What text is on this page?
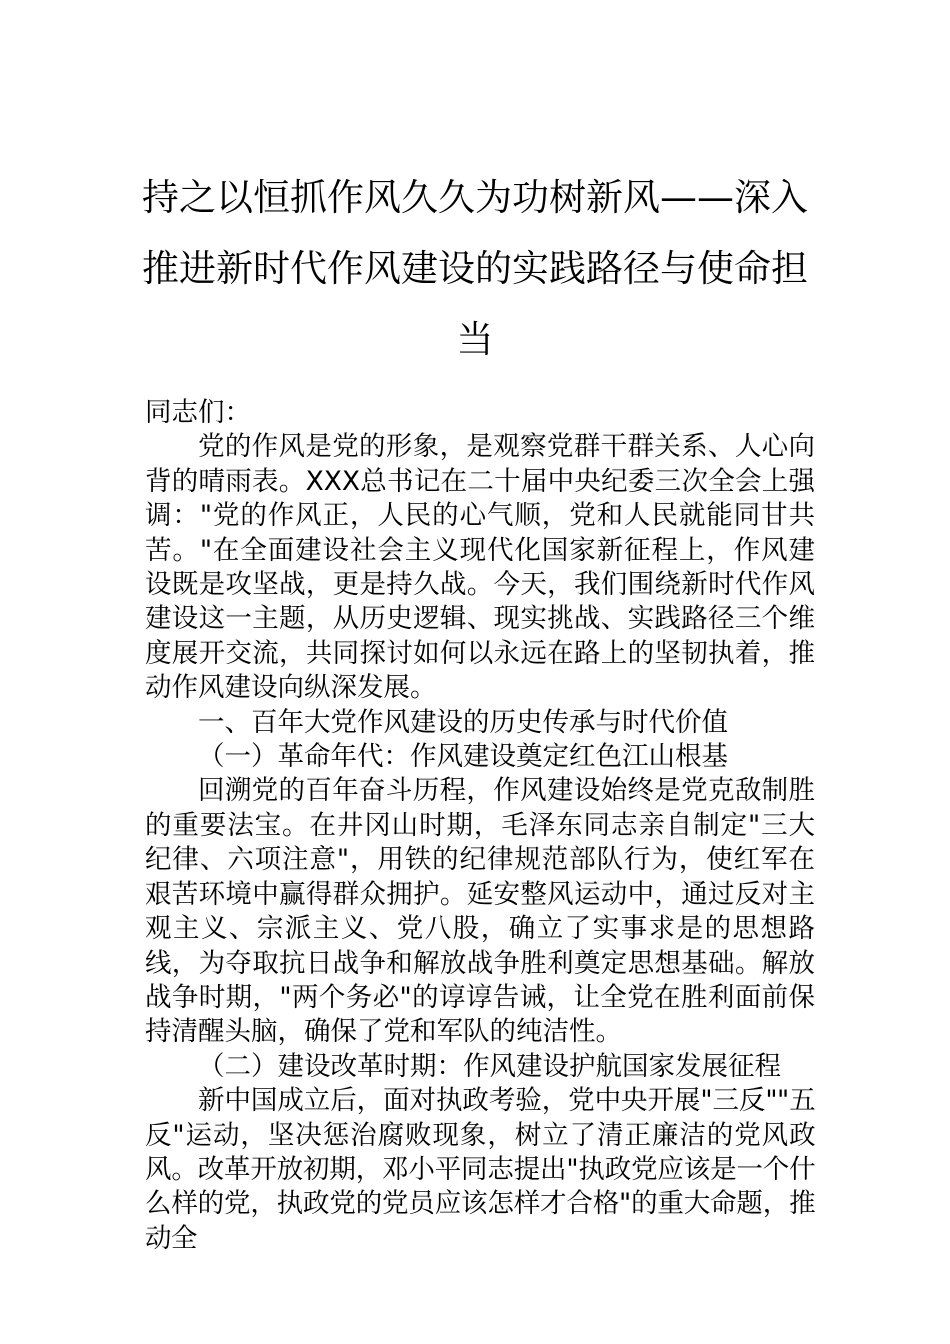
持之以恒抓作风久久为功树新风——深入推进新时代作风建设的实践路径与使命担当

同志们：

党的作风是党的形象，是观察党群干群关系、人心向背的晴雨表。XXX总书记在二十届中央纪委三次全会上强调："党的作风正，人民的心气顺，党和人民就能同甘共苦。"在全面建设社会主义现代化国家新征程上，作风建设既是攻坚战，更是持久战。今天，我们围绕新时代作风建设这一主题，从历史逻辑、现实挑战、实践路径三个维度展开交流，共同探讨如何以永远在路上的坚韧执着，推动作风建设向纵深发展。

一、百年大党作风建设的历史传承与时代价值

（一）革命年代：作风建设奠定红色江山根基

回溯党的百年奋斗历程，作风建设始终是党克敌制胜的重要法宝。在井冈山时期，毛泽东同志亲自制定"三大纪律、六项注意"，用铁的纪律规范部队行为，使红军在艰苦环境中赢得群众拥护。延安整风运动中，通过反对主观主义、宗派主义、党八股，确立了实事求是的思想路线，为夺取抗日战争和解放战争胜利奠定思想基础。解放战争时期，"两个务必"的谆谆告诫，让全党在胜利面前保持清醒头脑，确保了党和军队的纯洁性。

（二）建设改革时期：作风建设护航国家发展征程

新中国成立后，面对执政考验，党中央开展"三反""五反"运动，坚决惩治腐败现象，树立了清正廉洁的党风政风。改革开放初期，邓小平同志提出"执政党应该是一个什么样的党，执政党的党员应该怎样才合格"的重大命题，推动全
